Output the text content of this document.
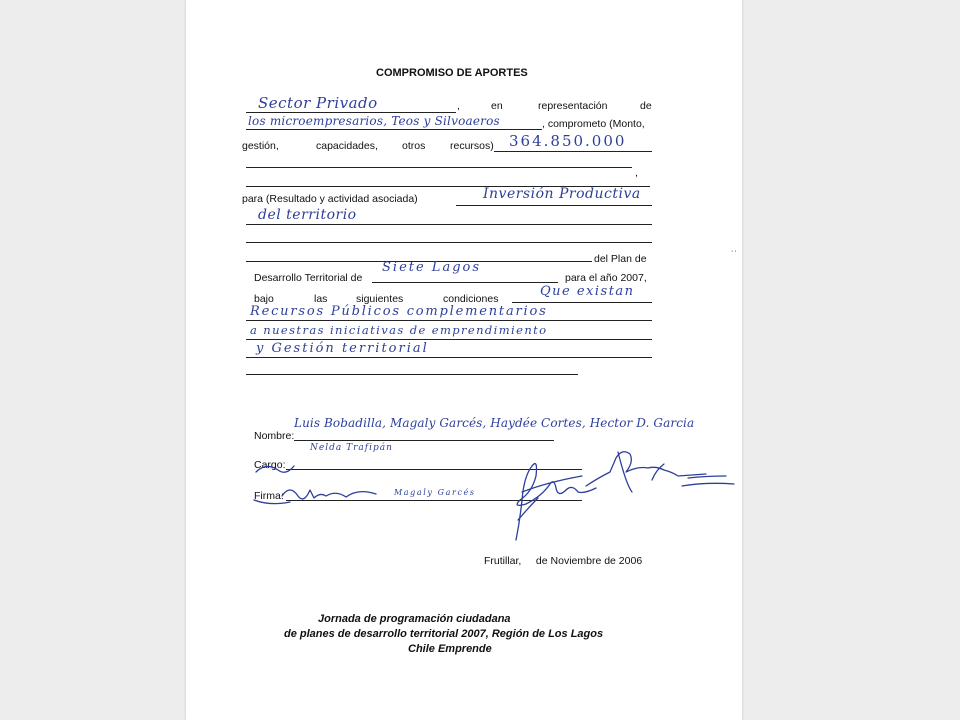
COMPROMISO DE APORTES
Sector Privado	,	en	representación	de
los microempresarios, Teos y Silvoaeros	, comprometo (Monto,
gestión,	capacidades, otros recursos) 364.850.000
,
para (Resultado y actividad asociada)	Inversión Productiva
del territorio
del Plan de	˙˙
Desarrollo Territorial de
Siete Lagos
para el año 2007,
bajo	las	siguientes	condiciones	Que existan
Recursos Públicos complementarios
a nuestras iniciativas de emprendimiento
y Gestión territorial
Nombre:
Luis Bobadilla, Magaly Garcés, Haydée Cortes, Hector D. Garcia
Nelda Trafipán
Cargo:
Firma:	Magaly Garcés
Frutillar,     de Noviembre de 2006
Jornada de programación ciudadana
de planes de desarrollo territorial 2007, Región de Los Lagos
Chile Emprende
